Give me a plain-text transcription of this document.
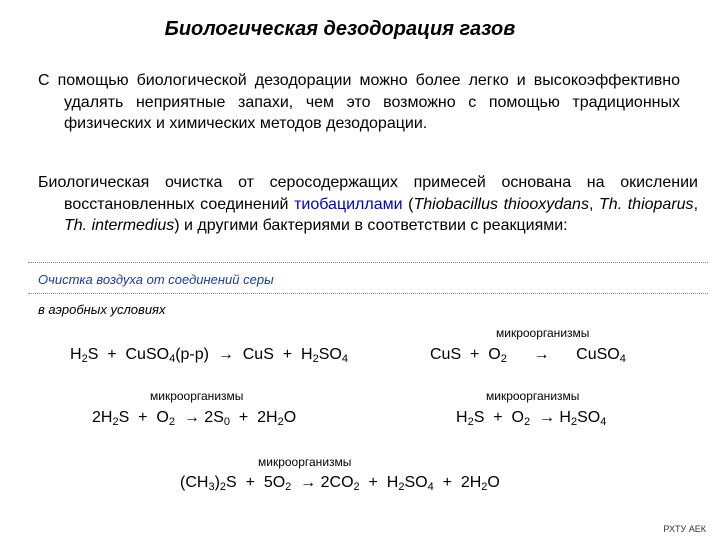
Биологическая дезодорация газов
С помощью биологической дезодорации можно более легко и высокоэффективно удалять неприятные запахи, чем это возможно с помощью традиционных физических и химических методов дезодорации.
Биологическая очистка от серосодержащих примесей основана на окислении восстановленных соединений тиобациллами (Thiobacillus thiooxydans, Th. thioparus, Th. intermedius) и другими бактериями в соответствии с реакциями:
Очистка воздуха от соединений серы
в аэробных условиях
$H_2S$  +  CuSO$_4$(р-р)  →  CuS  +  $H_2SO_4$
микроорганизмы
CuS  +  $O_2$ →      CuSO$_4$
микроорганизмы
$2H_2S + O_2 \to 2S_0 + 2H_2O$
микроорганизмы
$H_2S + O_2 \to H_2SO_4$
микроорганизмы
$(CH_3)_2S + 5O_2 \to 2CO_2 + H_2SO_4 + 2H_2O$
РХТУ АЕК
